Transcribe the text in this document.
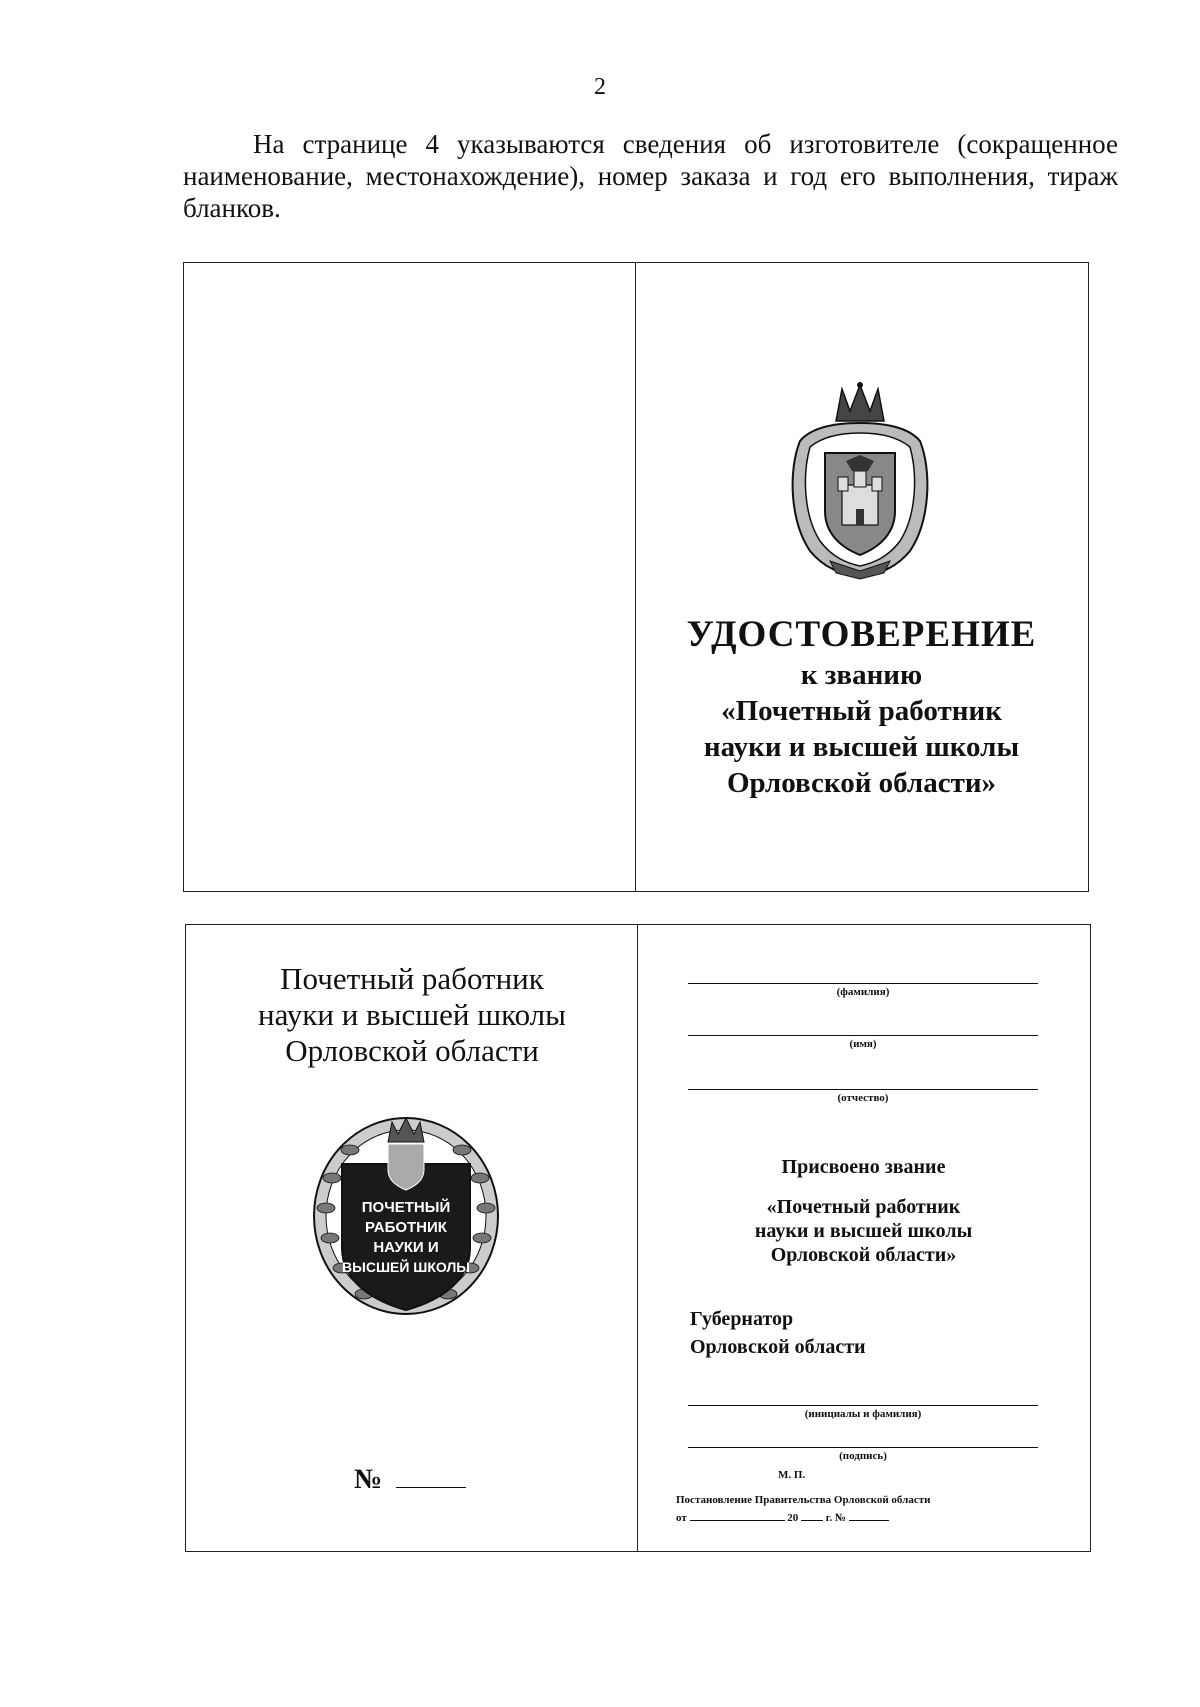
2

На странице 4 указываются сведения об изготовителе (сокращенное наименование, местонахождение), номер заказа и год его выполнения, тираж бланков.

УДОСТОВЕРЕНИЕ
к званию
«Почетный работник
науки и высшей школы
Орловской области»
Почетный работник
науки и высшей школы
Орловской области
ПОЧЕТНЫЙ
РАБОТНИК
НАУКИ И
ВЫСШЕЙ ШКОЛЫ
№
(фамилия)
(имя)
(отчество)
Присвоено звание
«Почетный работник
науки и высшей школы
Орловской области»
Губернатор
Орловской области
(инициалы и фамилия)
(подпись)
М. П.
Постановление Правительства Орловской области
от	20	г. №
